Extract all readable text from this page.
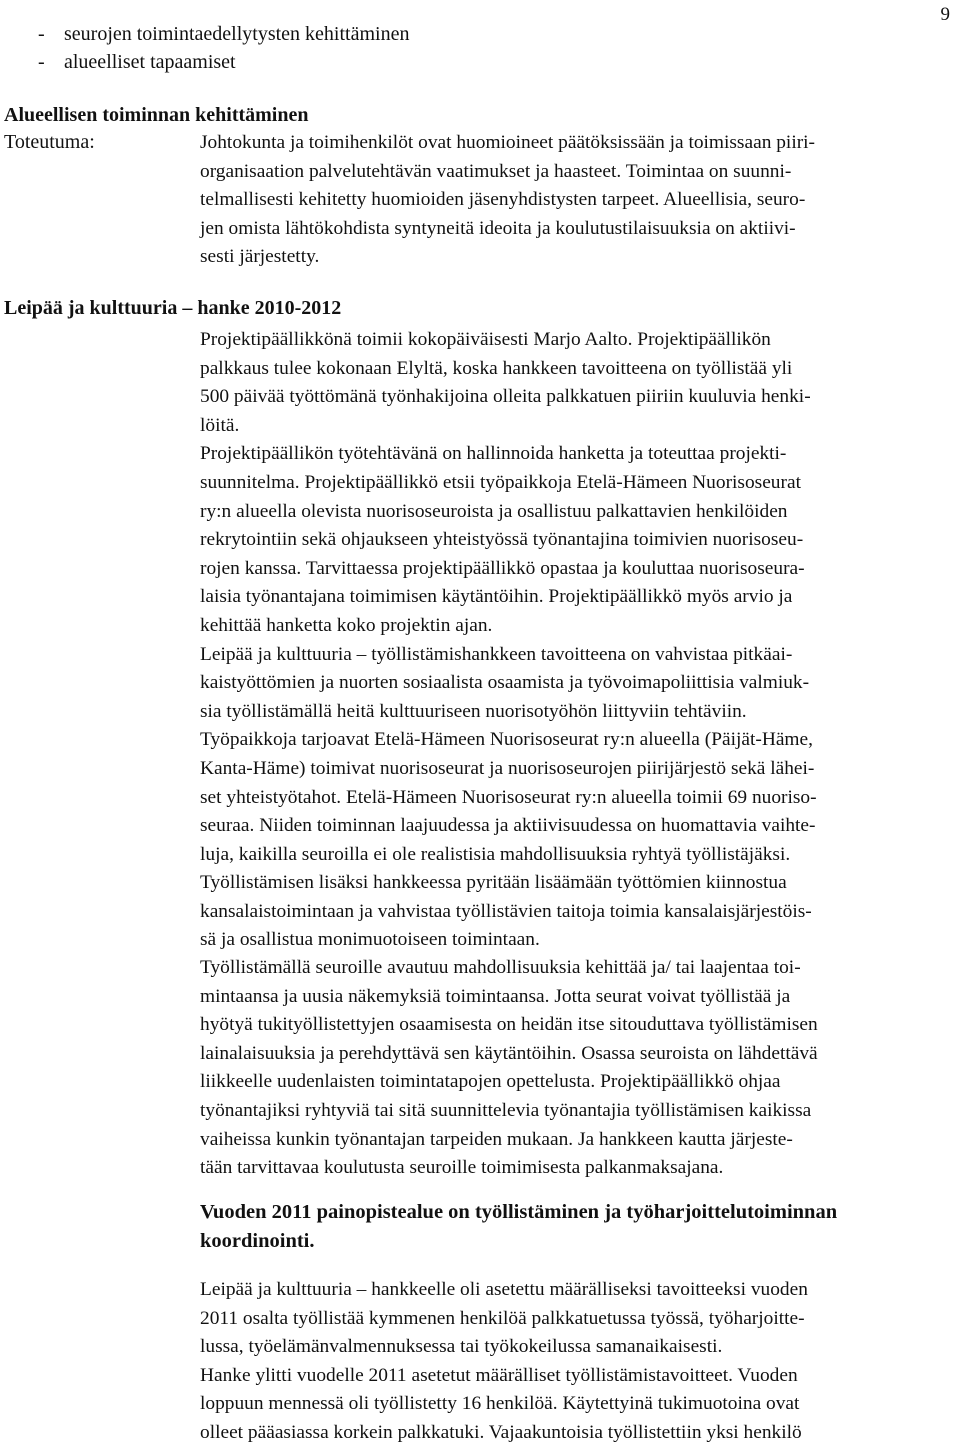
9
- seurojen toimintaedellytysten kehittäminen
- alueelliset tapaamiset
Alueellisen toiminnan kehittäminen
Toteutuma:	Johtokunta ja toimihenkilöt ovat huomioineet päätöksissään ja toimissaan piiri-
organisaation palvelutehtävän vaatimukset ja haasteet. Toimintaa on suunni-
telmallisesti kehitetty huomioiden jäsenyhdistysten tarpeet. Alueellisia, seuro-
jen omista lähtökohdista syntyneitä ideoita ja koulutustilaisuuksia on aktiivi-
sesti järjestetty.
Leipää ja kulttuuria – hanke 2010-2012
Projektipäällikkönä toimii kokopäiväisesti Marjo Aalto. Projektipäällikön
palkkaus tulee kokonaan Elyltä, koska hankkeen tavoitteena on työllistää yli
500 päivää työttömänä työnhakijoina olleita palkkatuen piiriin kuuluvia henki-
löitä.
Projektipäällikön työtehtävänä on hallinnoida hanketta ja toteuttaa projekti-
suunnitelma. Projektipäällikkö etsii työpaikkoja Etelä-Hämeen Nuorisoseurat
ry:n alueella olevista nuorisoseuroista ja osallistuu palkattavien henkilöiden
rekrytointiin sekä ohjaukseen yhteistyössä työnantajina toimivien nuorisoseu-
rojen kanssa. Tarvittaessa projektipäällikkö opastaa ja kouluttaa nuorisoseura-
laisia työnantajana toimimisen käytäntöihin. Projektipäällikkö myös arvio ja
kehittää hanketta koko projektin ajan.
Leipää ja kulttuuria – työllistämishankkeen tavoitteena on vahvistaa pitkäai-
kaistyöttömien ja nuorten sosiaalista osaamista ja työvoimapoliittisia valmiuk-
sia työllistämällä heitä kulttuuriseen nuorisotyöhön liittyviin tehtäviin.
Työpaikkoja tarjoavat Etelä-Hämeen Nuorisoseurat ry:n alueella (Päijät-Häme,
Kanta-Häme) toimivat nuorisoseurat ja nuorisoseurojen piirijärjestö sekä lähei-
set yhteistyötahot. Etelä-Hämeen Nuorisoseurat ry:n alueella toimii 69 nuoriso-
seuraa. Niiden toiminnan laajuudessa ja aktiivisuudessa on huomattavia vaihte-
luja, kaikilla seuroilla ei ole realistisia mahdollisuuksia ryhtyä työllistäjäksi.
Työllistämisen lisäksi hankkeessa pyritään lisäämään työttömien kiinnostua
kansalaistoimintaan ja vahvistaa työllistävien taitoja toimia kansalaisjärjestöis-
sä ja osallistua monimuotoiseen toimintaan.
Työllistämällä seuroille avautuu mahdollisuuksia kehittää ja/ tai laajentaa toi-
mintaansa ja uusia näkemyksiä toimintaansa. Jotta seurat voivat työllistää ja
hyötyä tukityöllistettyjen osaamisesta on heidän itse sitouduttava työllistämisen
lainalaisuuksia ja perehdyttävä sen käytäntöihin. Osassa seuroista on lähdettävä
liikkeelle uudenlaisten toimintatapojen opettelusta. Projektipäällikkö ohjaa
työnantajiksi ryhtyviä tai sitä suunnittelevia työnantajia työllistämisen kaikissa
vaiheissa kunkin työnantajan tarpeiden mukaan. Ja hankkeen kautta järjeste-
tään tarvittavaa koulutusta seuroille toimimisesta palkanmaksajana.
Vuoden 2011 painopistealue on työllistäminen ja työharjoittelutoiminnan
koordinointi.
Leipää ja kulttuuria – hankkeelle oli asetettu määrälliseksi tavoitteeksi vuoden
2011 osalta työllistää kymmenen henkilöä palkkatuetussa työssä, työharjoitte-
lussa, työelämänvalmennuksessa tai työkokeilussa samanaikaisesti.
Hanke ylitti vuodelle 2011 asetetut määrälliset työllistämistavoitteet. Vuoden
loppuun mennessä oli työllistetty 16 henkilöä. Käytettyinä tukimuotoina ovat
olleet pääasiassa korkein palkkatuki. Vajaakuntoisia työllistettiin yksi henkilö
